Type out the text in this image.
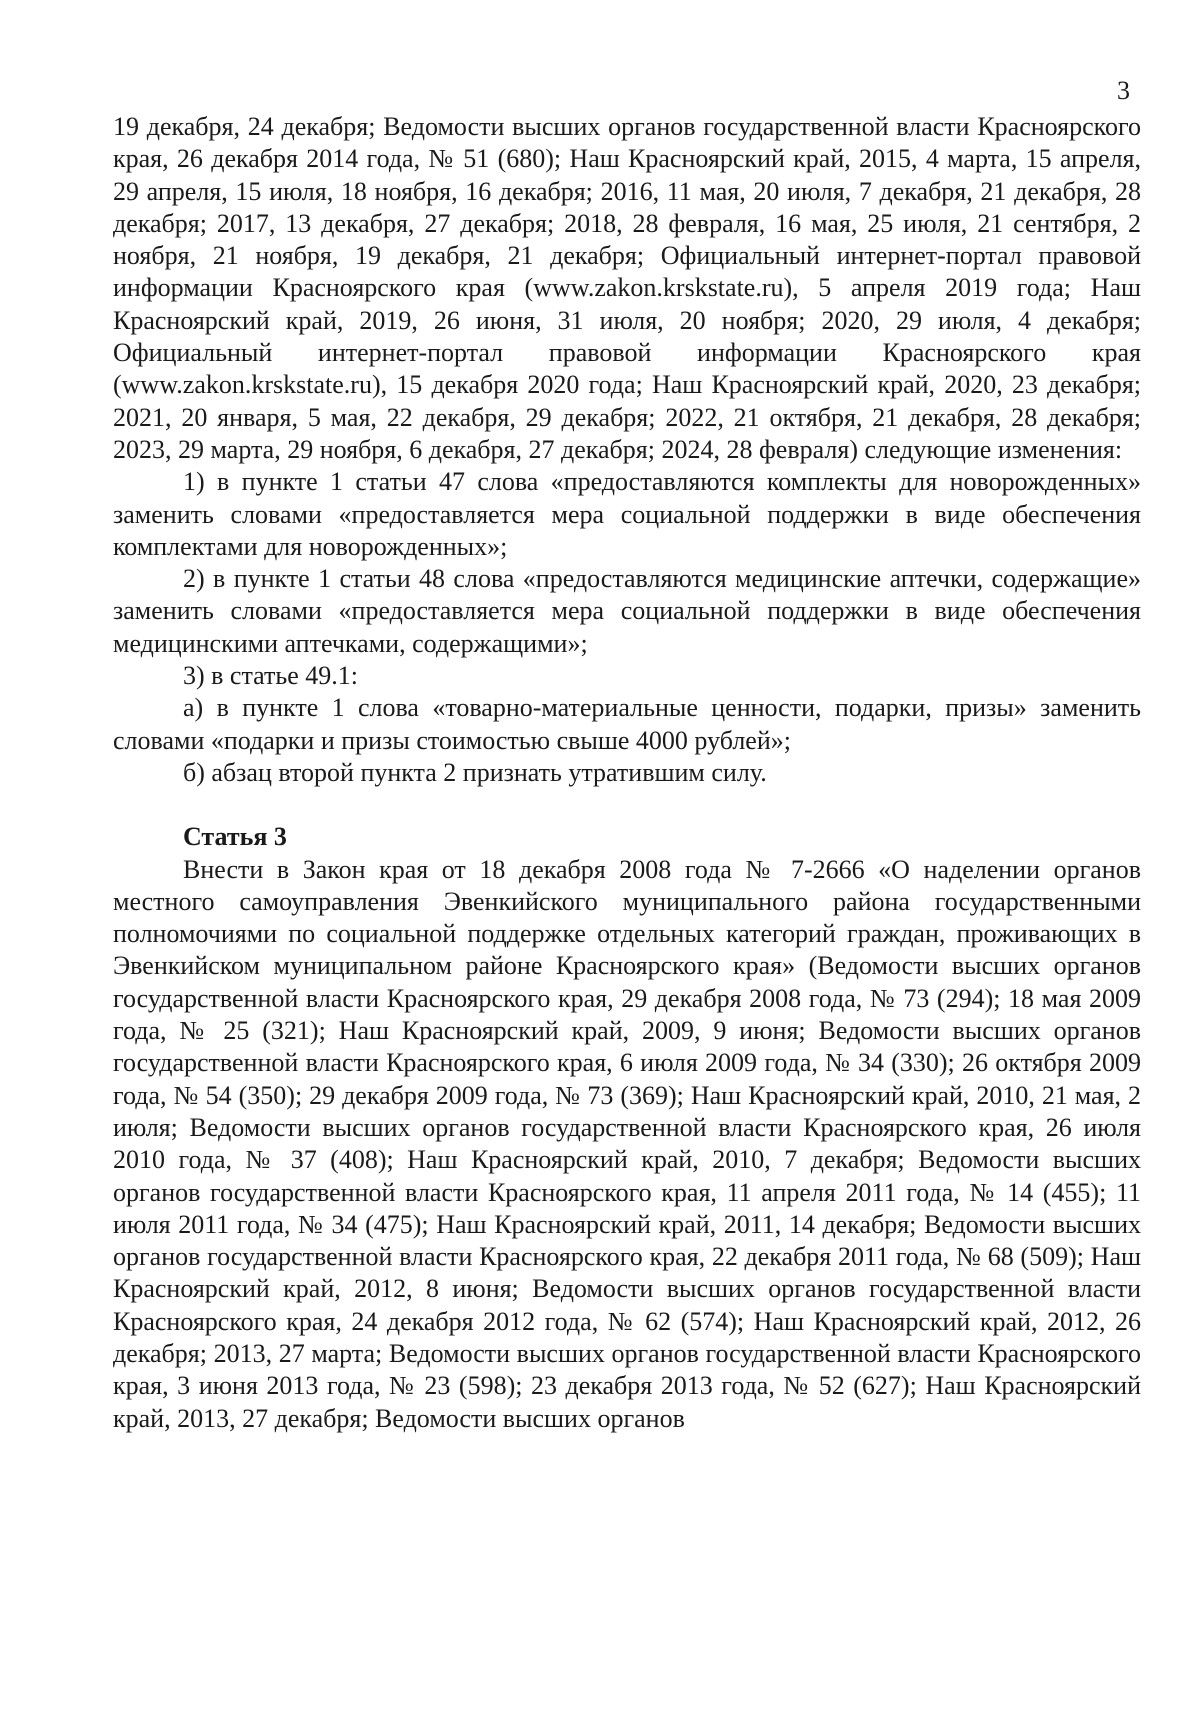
3

19 декабря, 24 декабря; Ведомости высших органов государственной власти Красноярского края, 26 декабря 2014 года, № 51 (680); Наш Красноярский край, 2015, 4 марта, 15 апреля, 29 апреля, 15 июля, 18 ноября, 16 декабря; 2016, 11 мая, 20 июля, 7 декабря, 21 декабря, 28 декабря; 2017, 13 декабря, 27 декабря; 2018, 28 февраля, 16 мая, 25 июля, 21 сентября, 2 ноября, 21 ноября, 19 декабря, 21 декабря; Официальный интернет-портал правовой информации Красноярского края (www.zakon.krskstate.ru), 5 апреля 2019 года; Наш Красноярский край, 2019, 26 июня, 31 июля, 20 ноября; 2020, 29 июля, 4 декабря; Официальный интернет-портал правовой информации Красноярского края (www.zakon.krskstate.ru), 15 декабря 2020 года; Наш Красноярский край, 2020, 23 декабря; 2021, 20 января, 5 мая, 22 декабря, 29 декабря; 2022, 21 октября, 21 декабря, 28 декабря; 2023, 29 марта, 29 ноября, 6 декабря, 27 декабря; 2024, 28 февраля) следующие изменения:

1) в пункте 1 статьи 47 слова «предоставляются комплекты для новорожденных» заменить словами «предоставляется мера социальной поддержки в виде обеспечения комплектами для новорожденных»;

2) в пункте 1 статьи 48 слова «предоставляются медицинские аптечки, содержащие» заменить словами «предоставляется мера социальной поддержки в виде обеспечения медицинскими аптечками, содержащими»;

3) в статье 49.1:

а) в пункте 1 слова «товарно-материальные ценности, подарки, призы» заменить словами «подарки и призы стоимостью свыше 4000 рублей»;

б) абзац второй пункта 2 признать утратившим силу.

Статья 3

Внести в Закон края от 18 декабря 2008 года № 7-2666 «О наделении органов местного самоуправления Эвенкийского муниципального района государственными полномочиями по социальной поддержке отдельных категорий граждан, проживающих в Эвенкийском муниципальном районе Красноярского края» (Ведомости высших органов государственной власти Красноярского края, 29 декабря 2008 года, № 73 (294); 18 мая 2009 года, № 25 (321); Наш Красноярский край, 2009, 9 июня; Ведомости высших органов государственной власти Красноярского края, 6 июля 2009 года, № 34 (330); 26 октября 2009 года, № 54 (350); 29 декабря 2009 года, № 73 (369); Наш Красноярский край, 2010, 21 мая, 2 июля; Ведомости высших органов государственной власти Красноярского края, 26 июля 2010 года, № 37 (408); Наш Красноярский край, 2010, 7 декабря; Ведомости высших органов государственной власти Красноярского края, 11 апреля 2011 года, № 14 (455); 11 июля 2011 года, № 34 (475); Наш Красноярский край, 2011, 14 декабря; Ведомости высших органов государственной власти Красноярского края, 22 декабря 2011 года, № 68 (509); Наш Красноярский край, 2012, 8 июня; Ведомости высших органов государственной власти Красноярского края, 24 декабря 2012 года, № 62 (574); Наш Красноярский край, 2012, 26 декабря; 2013, 27 марта; Ведомости высших органов государственной власти Красноярского края, 3 июня 2013 года, № 23 (598); 23 декабря 2013 года, № 52 (627); Наш Красноярский край, 2013, 27 декабря; Ведомости высших органов
